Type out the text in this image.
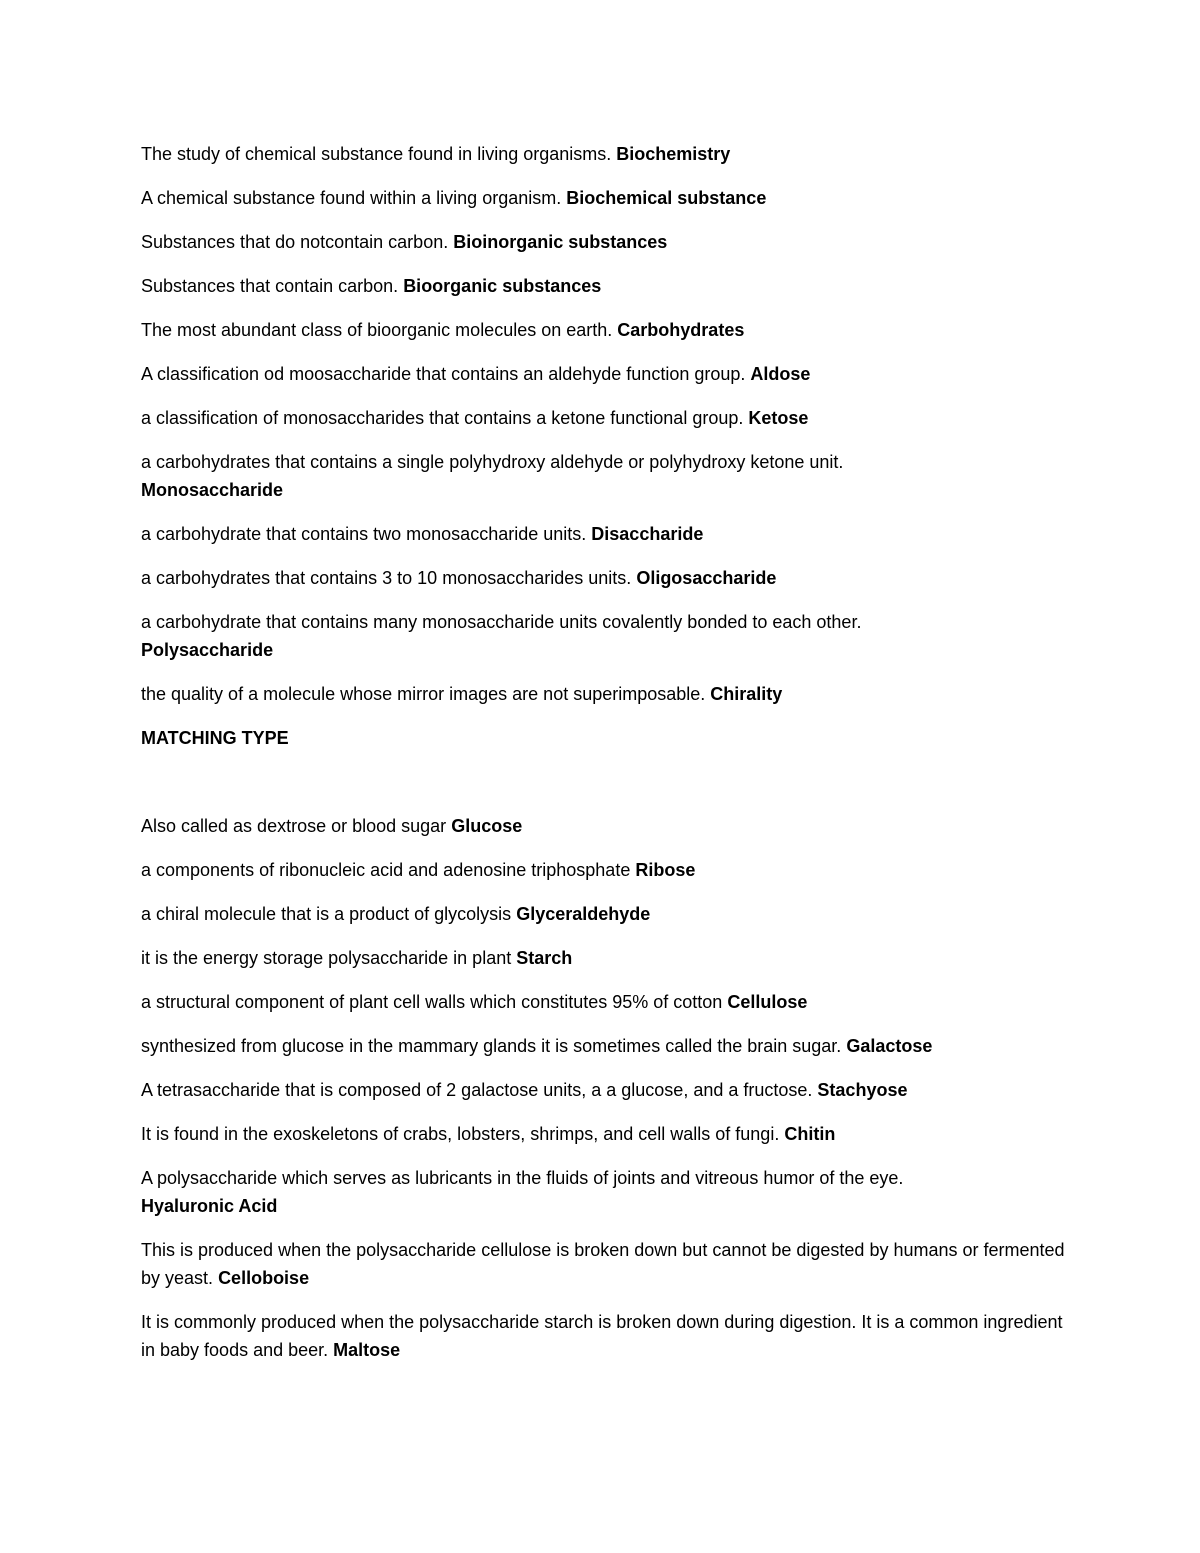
The study of chemical substance found in living organisms. Biochemistry

A chemical substance found within a living organism. Biochemical substance

Substances that do notcontain carbon. Bioinorganic substances

Substances that contain carbon. Bioorganic substances

The most abundant class of bioorganic molecules on earth. Carbohydrates

A classification od moosaccharide that contains an aldehyde function group. Aldose

a classification of monosaccharides that contains a ketone functional group. Ketose

a carbohydrates that contains a single polyhydroxy aldehyde or polyhydroxy ketone unit.
Monosaccharide

a carbohydrate that contains two monosaccharide units. Disaccharide

a carbohydrates that contains 3 to 10 monosaccharides units. Oligosaccharide

a carbohydrate that contains many monosaccharide units covalently bonded to each other.
Polysaccharide

the quality of a molecule whose mirror images are not superimposable. Chirality

MATCHING TYPE

Also called as dextrose or blood sugar Glucose

a components of ribonucleic acid and adenosine triphosphate Ribose

a chiral molecule that is a product of glycolysis Glyceraldehyde

it is the energy storage polysaccharide in plant Starch

a structural component of plant cell walls which constitutes 95% of cotton Cellulose

synthesized from glucose in the mammary glands it is sometimes called the brain sugar. Galactose

A tetrasaccharide that is composed of 2 galactose units, a a glucose, and a fructose. Stachyose

It is found in the exoskeletons of crabs, lobsters, shrimps, and cell walls of fungi. Chitin

A polysaccharide which serves as lubricants in the fluids of joints and vitreous humor of the eye.
Hyaluronic Acid

This is produced when the polysaccharide cellulose is broken down but cannot be digested by humans or fermented by yeast. Celloboise

It is commonly produced when the polysaccharide starch is broken down during digestion. It is a common ingredient in baby foods and beer. Maltose
